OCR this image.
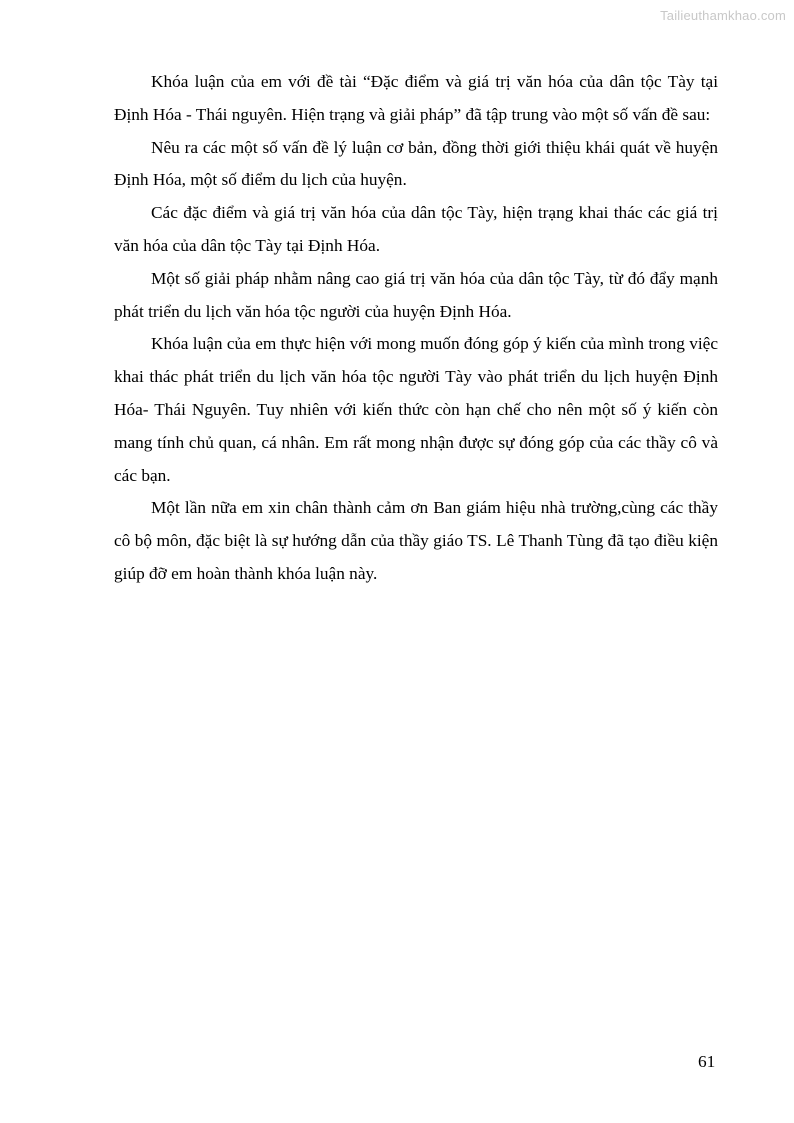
Tailieuthamkhao.com

Khóa luận của em với đề tài “Đặc điểm và giá trị văn hóa của dân tộc Tày tại Định Hóa - Thái nguyên. Hiện trạng và giải pháp” đã tập trung vào một số vấn đề sau:

Nêu ra các một số vấn đề lý luận cơ bản, đồng thời giới thiệu khái quát về huyện Định Hóa, một số điểm du lịch của huyện.

Các đặc điểm và giá trị văn hóa của dân tộc Tày, hiện trạng khai thác các giá trị văn hóa của dân tộc Tày tại Định Hóa.

Một số giải pháp nhằm nâng cao giá trị văn hóa của dân tộc Tày, từ đó đẩy mạnh phát triển du lịch văn hóa tộc người của huyện Định Hóa.

Khóa luận của em thực hiện với mong muốn đóng góp ý kiến của mình trong việc khai thác phát triển du lịch văn hóa tộc người Tày vào phát triển du lịch huyện Định Hóa- Thái Nguyên. Tuy nhiên với kiến thức còn hạn chế cho nên một số ý kiến còn mang tính chủ quan, cá nhân. Em rất mong nhận được sự đóng góp của các thầy cô và các bạn.

Một lần nữa em xin chân thành cảm ơn Ban giám hiệu nhà trường,cùng các thầy cô bộ môn, đặc biệt là sự hướng dẫn của thầy giáo TS. Lê Thanh Tùng đã tạo điều kiện giúp đỡ em hoàn thành khóa luận này.

61
